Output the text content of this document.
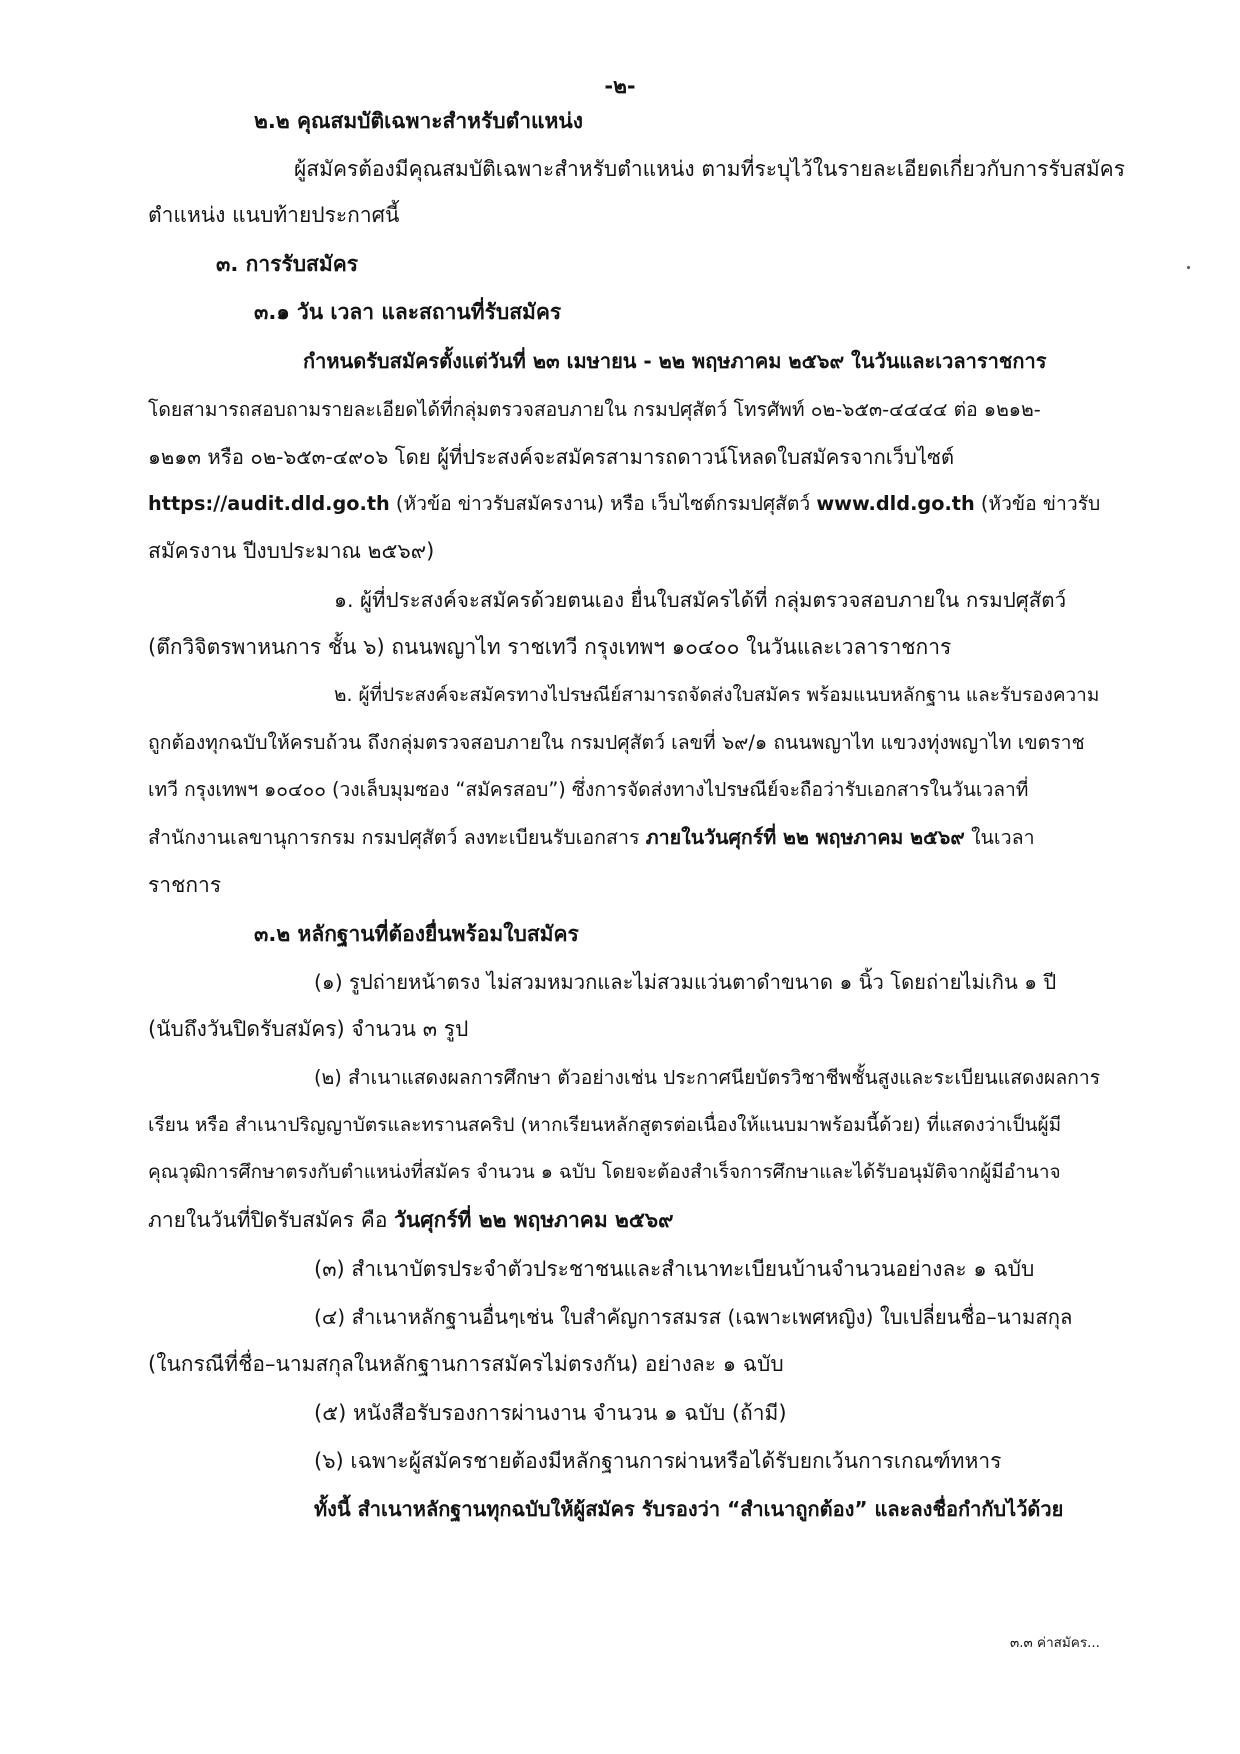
-๒-
๒.๒ คุณสมบัติเฉพาะสำหรับตำแหน่ง
ผู้สมัครต้องมีคุณสมบัติเฉพาะสำหรับตำแหน่ง ตามที่ระบุไว้ในรายละเอียดเกี่ยวกับการรับสมัคร
ตำแหน่ง แนบท้ายประกาศนี้
๓. การรับสมัคร
๓.๑ วัน เวลา และสถานที่รับสมัคร
กำหนดรับสมัครตั้งแต่วันที่ ๒๓ เมษายน - ๒๒ พฤษภาคม ๒๕๖๙ ในวันและเวลาราชการ
โดยสามารถสอบถามรายละเอียดได้ที่กลุ่มตรวจสอบภายใน กรมปศุสัตว์ โทรศัพท์ ๐๒-๖๕๓-๔๔๔๔ ต่อ ๑๒๑๒-
๑๒๑๓ หรือ ๐๒-๖๕๓-๔๙๐๖ โดย ผู้ที่ประสงค์จะสมัครสามารถดาวน์โหลดใบสมัครจากเว็บไซต์
https://audit.dld.go.th (หัวข้อ ข่าวรับสมัครงาน) หรือ เว็บไซต์กรมปศุสัตว์ www.dld.go.th (หัวข้อ ข่าวรับ
สมัครงาน ปีงบประมาณ ๒๕๖๙)
๑. ผู้ที่ประสงค์จะสมัครด้วยตนเอง ยื่นใบสมัครได้ที่ กลุ่มตรวจสอบภายใน กรมปศุสัตว์
(ตึกวิจิตรพาหนการ ชั้น ๖) ถนนพญาไท ราชเทวี กรุงเทพฯ ๑๐๔๐๐ ในวันและเวลาราชการ
๒. ผู้ที่ประสงค์จะสมัครทางไปรษณีย์สามารถจัดส่งใบสมัคร พร้อมแนบหลักฐาน และรับรองความ
ถูกต้องทุกฉบับให้ครบถ้วน ถึงกลุ่มตรวจสอบภายใน กรมปศุสัตว์ เลขที่ ๖๙/๑ ถนนพญาไท แขวงทุ่งพญาไท เขตราช
เทวี กรุงเทพฯ ๑๐๔๐๐ (วงเล็บมุมซอง “สมัครสอบ”) ซึ่งการจัดส่งทางไปรษณีย์จะถือว่ารับเอกสารในวันเวลาที่
สำนักงานเลขานุการกรม กรมปศุสัตว์ ลงทะเบียนรับเอกสาร ภายในวันศุกร์ที่ ๒๒ พฤษภาคม ๒๕๖๙ ในเวลา
ราชการ
๓.๒ หลักฐานที่ต้องยื่นพร้อมใบสมัคร
(๑) รูปถ่ายหน้าตรง ไม่สวมหมวกและไม่สวมแว่นตาดำขนาด ๑ นิ้ว โดยถ่ายไม่เกิน ๑ ปี
(นับถึงวันปิดรับสมัคร) จำนวน ๓ รูป
(๒) สำเนาแสดงผลการศึกษา ตัวอย่างเช่น ประกาศนียบัตรวิชาชีพชั้นสูงและระเบียนแสดงผลการ
เรียน หรือ สำเนาปริญญาบัตรและทรานสคริป (หากเรียนหลักสูตรต่อเนื่องให้แนบมาพร้อมนี้ด้วย) ที่แสดงว่าเป็นผู้มี
คุณวุฒิการศึกษาตรงกับตำแหน่งที่สมัคร จำนวน ๑ ฉบับ โดยจะต้องสำเร็จการศึกษาและได้รับอนุมัติจากผู้มีอำนาจ
ภายในวันที่ปิดรับสมัคร คือ วันศุกร์ที่ ๒๒ พฤษภาคม ๒๕๖๙
(๓) สำเนาบัตรประจำตัวประชาชนและสำเนาทะเบียนบ้านจำนวนอย่างละ ๑ ฉบับ
(๔) สำเนาหลักฐานอื่นๆเช่น ใบสำคัญการสมรส (เฉพาะเพศหญิง) ใบเปลี่ยนชื่อ–นามสกุล
(ในกรณีที่ชื่อ–นามสกุลในหลักฐานการสมัครไม่ตรงกัน) อย่างละ ๑ ฉบับ
(๕) หนังสือรับรองการผ่านงาน จำนวน ๑ ฉบับ (ถ้ามี)
(๖) เฉพาะผู้สมัครชายต้องมีหลักฐานการผ่านหรือได้รับยกเว้นการเกณฑ์ทหาร
ทั้งนี้ สำเนาหลักฐานทุกฉบับให้ผู้สมัคร รับรองว่า “สำเนาถูกต้อง” และลงชื่อกำกับไว้ด้วย
๓.๓ ค่าสมัคร...
